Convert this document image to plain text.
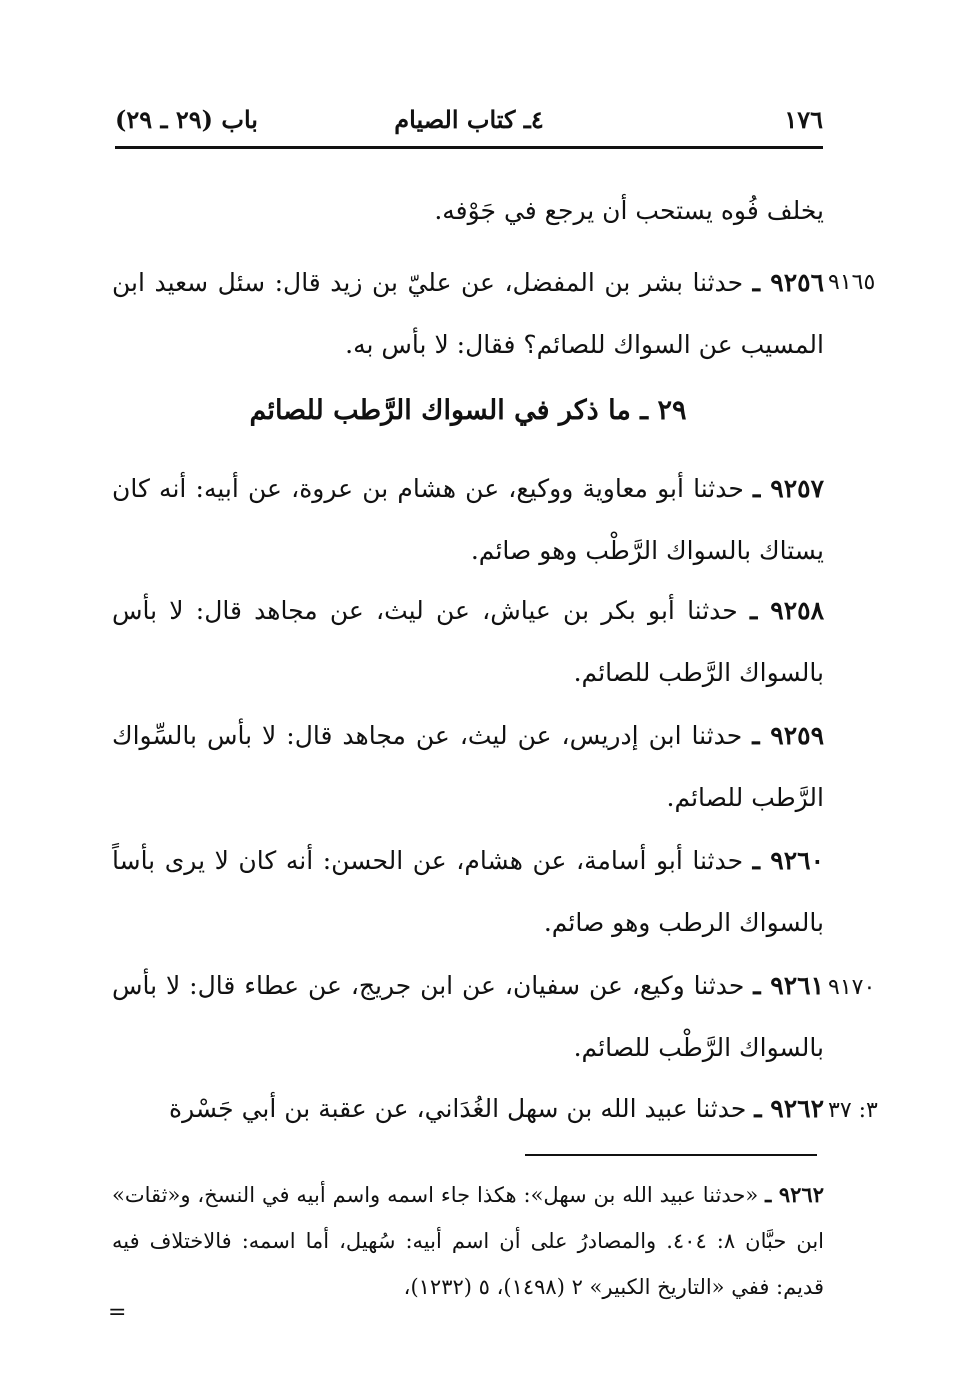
١٧٦
٤ـ كتاب الصيام
باب (٢٩ ـ ٢٩)
يخلف فُوه يستحب أن يرجع في جَوْفه.
٩١٦٥
٩٢٥٦ ـ حدثنا بشر بن المفضل، عن عليّ بن زيد قال: سئل سعيد ابن المسيب عن السواك للصائم؟ فقال: لا بأس به.
٢٩ ـ ما ذكر في السواك الرَّطب للصائم
٩٢٥٧ ـ حدثنا أبو معاوية ووكيع، عن هشام بن عروة، عن أبيه: أنه كان يستاك بالسواك الرَّطْب وهو صائم.
٩٢٥٨ ـ حدثنا أبو بكر بن عياش، عن ليث، عن مجاهد قال: لا بأس بالسواك الرَّطب للصائم.
٩٢٥٩ ـ حدثنا ابن إدريس، عن ليث، عن مجاهد قال: لا بأس بالسِّواك الرَّطب للصائم.
٩٢٦٠ ـ حدثنا أبو أسامة، عن هشام، عن الحسن: أنه كان لا يرى بأساً بالسواك الرطب وهو صائم.
٩١٧٠
٩٢٦١ ـ حدثنا وكيع، عن سفيان، عن ابن جريج، عن عطاء قال: لا بأس بالسواك الرَّطْب للصائم.
٣: ٣٧
٩٢٦٢ ـ حدثنا عبيد الله بن سهل الغُدَاني، عن عقبة بن أبي جَسْرة
٩٢٦٢ ـ «حدثنا عبيد الله بن سهل»: هكذا جاء اسمه واسم أبيه في النسخ، و«ثقات» ابن حبَّان ٨: ٤٠٤. والمصادرُ على أن اسم أبيه: سُهيل، أما اسمه: فالاختلاف فيه قديم: ففي «التاريخ الكبير» ٢ (١٤٩٨)، ٥ (١٢٣٢)،
=
